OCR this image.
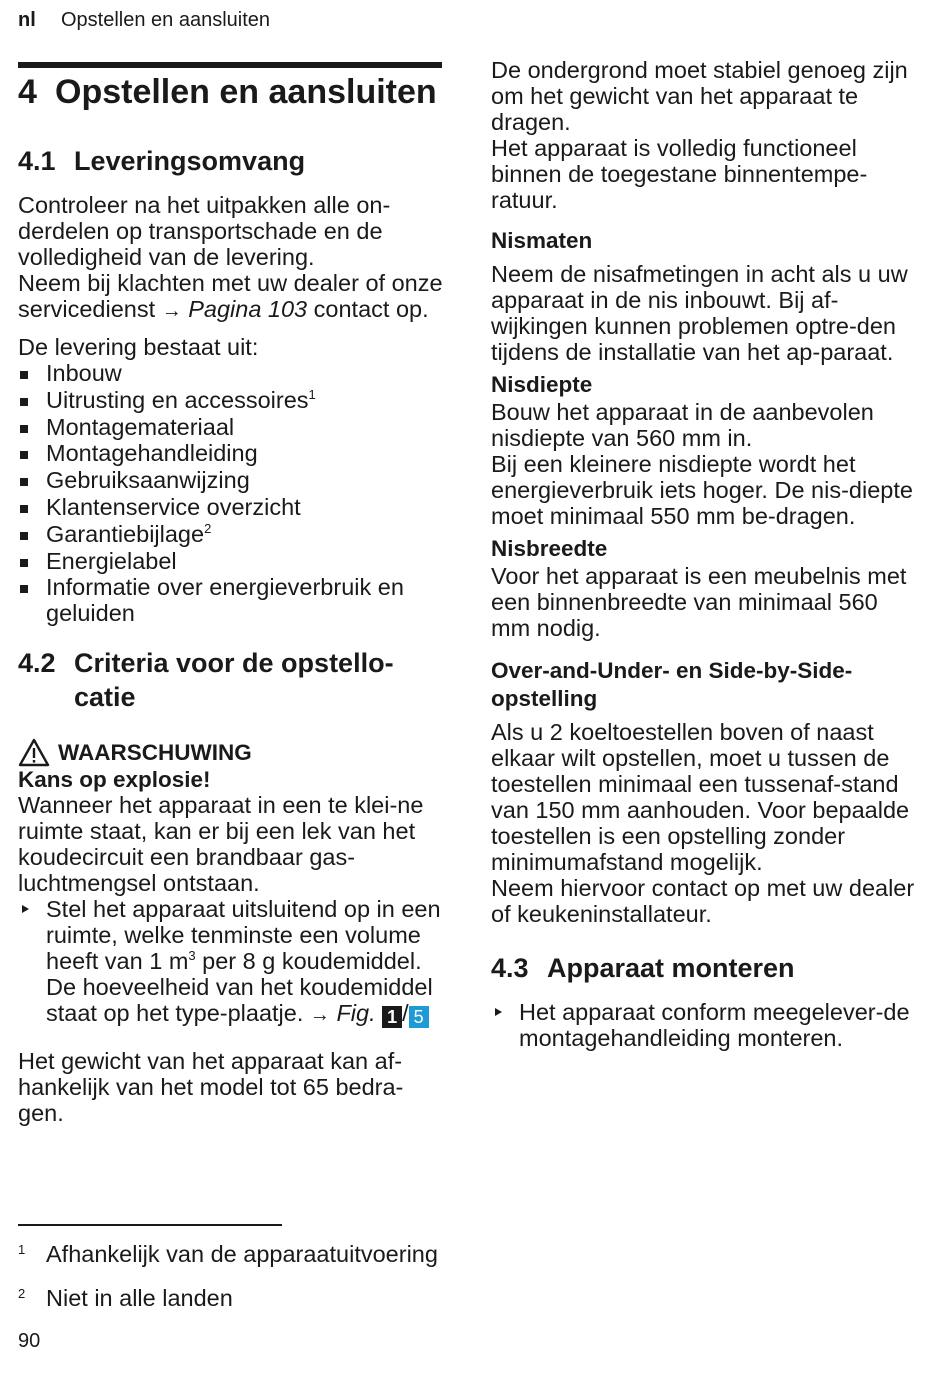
nl Opstellen en aansluiten
4 Opstellen en aansluiten
4.1 Leveringsomvang

Controleer na het uitpakken alle on-derdelen op transportschade en de volledigheid van de levering.

Neem bij klachten met uw dealer of onze servicedienst → Pagina 103 contact op.

De levering bestaat uit:

Inbouw
Uitrusting en accessoires$^1$
Montagemateriaal
Montagehandleiding
Gebruiksaanwijzing
Klantenservice overzicht
Garantiebijlage$^2$
Energielabel
Informatie over energieverbruik en geluiden
4.2 Criteria voor de opstello-
catie
WAARSCHUWING

Kans op explosie!

Wanneer het apparaat in een te klei-ne ruimte staat, kan er bij een lek van het koudecircuit een brandbaar gas-luchtmengsel ontstaan.

Stel het apparaat uitsluitend op in een ruimte, welke tenminste een volume heeft van 1 $m^3$ per 8 g koudemiddel. De hoeveelheid van het koudemiddel staat op het type-plaatje. → Fig. 1 / 5

Het gewicht van het apparaat kan af-hankelijk van het model tot 65 bedra-gen.

De ondergrond moet stabiel genoeg zijn om het gewicht van het apparaat te dragen.

Het apparaat is volledig functioneel binnen de toegestane binnentempe-ratuur.

Nismaten

Neem de nisafmetingen in acht als u uw apparaat in de nis inbouwt. Bij af-wijkingen kunnen problemen optre-den tijdens de installatie van het ap-paraat.

Nisdiepte

Bouw het apparaat in de aanbevolen nisdiepte van 560 mm in.

Bij een kleinere nisdiepte wordt het energieverbruik iets hoger. De nis-diepte moet minimaal 550 mm be-dragen.

Nisbreedte

Voor het apparaat is een meubelnis met een binnenbreedte van minimaal 560 mm nodig.

Over-and-Under- en Side-by-Side-opstelling

Als u 2 koeltoestellen boven of naast elkaar wilt opstellen, moet u tussen de toestellen minimaal een tussenaf-stand van 150 mm aanhouden. Voor bepaalde toestellen is een opstelling zonder minimumafstand mogelijk.

Neem hiervoor contact op met uw dealer of keukeninstallateur.

4.3 Apparaat monteren
Het apparaat conform meegelever-de montagehandleiding monteren.
1 Afhankelijk van de apparaatuitvoering
2 Niet in alle landen
90
